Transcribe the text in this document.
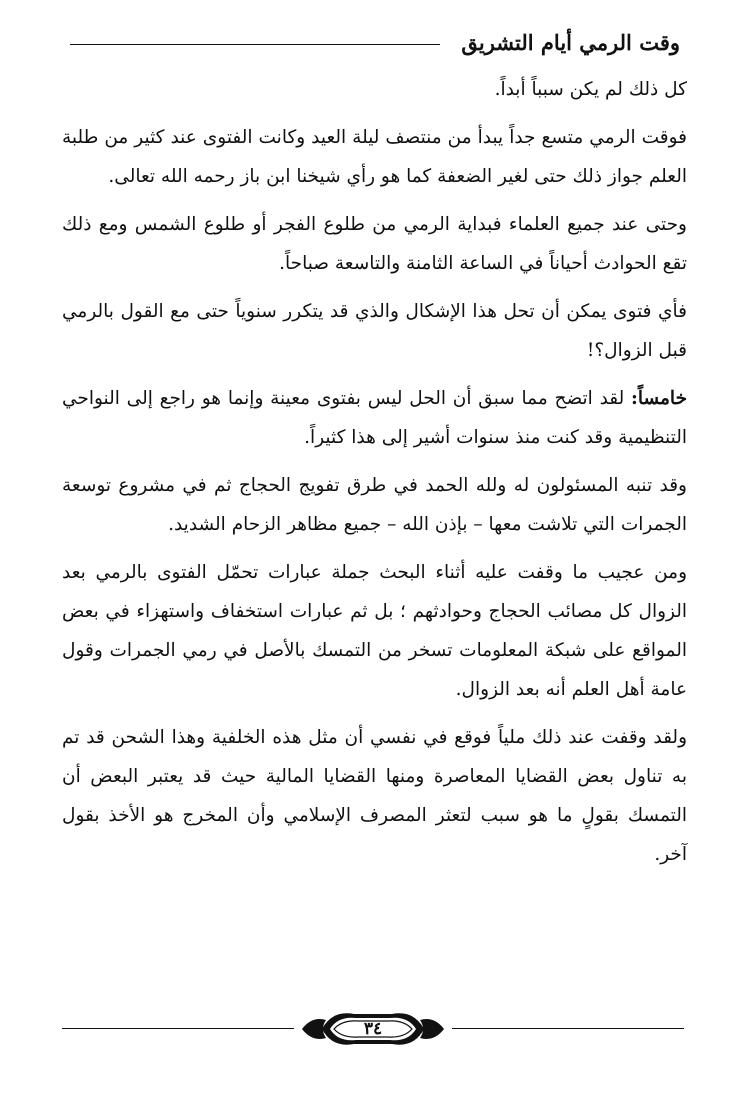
وقت الرمي أيام التشريق

كل ذلك لم يكن سبباً أبداً.

فوقت الرمي متسع جداً يبدأ من منتصف ليلة العيد وكانت الفتوى عند كثير من طلبة العلم جواز ذلك حتى لغير الضعفة كما هو رأي شيخنا ابن باز رحمه الله تعالى.

وحتى عند جميع العلماء فبداية الرمي من طلوع الفجر أو طلوع الشمس ومع ذلك تقع الحوادث أحياناً في الساعة الثامنة والتاسعة صباحاً.

فأي فتوى يمكن أن تحل هذا الإشكال والذي قد يتكرر سنوياً حتى مع القول بالرمي قبل الزوال؟!

خامساً: لقد اتضح مما سبق أن الحل ليس بفتوى معينة وإنما هو راجع إلى النواحي التنظيمية وقد كنت منذ سنوات أشير إلى هذا كثيراً.

وقد تنبه المسئولون له ولله الحمد في طرق تفويج الحجاج ثم في مشروع توسعة الجمرات التي تلاشت معها – بإذن الله – جميع مظاهر الزحام الشديد.

ومن عجيب ما وقفت عليه أثناء البحث جملة عبارات تحمّل الفتوى بالرمي بعد الزوال كل مصائب الحجاج وحوادثهم ؛ بل ثم عبارات استخفاف واستهزاء في بعض المواقع على شبكة المعلومات تسخر من التمسك بالأصل في رمي الجمرات وقول عامة أهل العلم أنه بعد الزوال.

ولقد وقفت عند ذلك ملياً فوقع في نفسي أن مثل هذه الخلفية وهذا الشحن قد تم به تناول بعض القضايا المعاصرة ومنها القضايا المالية حيث قد يعتبر البعض أن التمسك بقولٍ ما هو سبب لتعثر المصرف الإسلامي وأن المخرج هو الأخذ بقول آخر.

٣٤
